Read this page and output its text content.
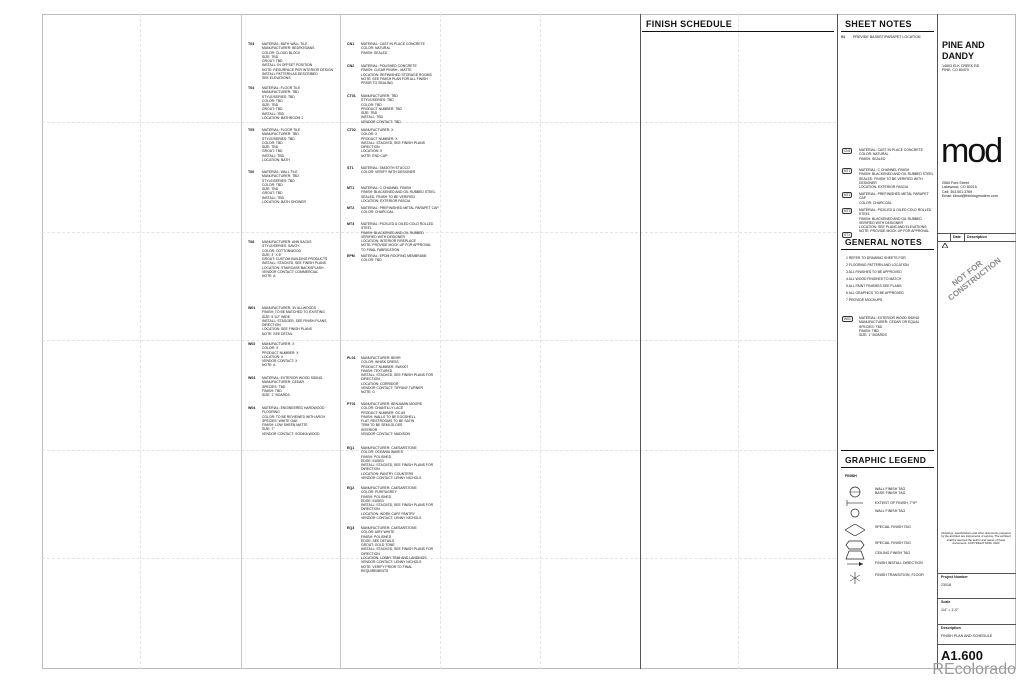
FINISH SCHEDULE
T03 MATERIAL: BATH WALL TILE
MANUFACTURER: BEDROSIANS
COLOR: CLOUD BLOCK
SIZE: TBD
GROUT: TBD
INSTALL: IN OFFSET POSITION
NOTE: RESURFACE PER INTERIOR DESIGN
INSTALL PATTERN AS DESCRIBED
SEE ELEVATIONS
T04 MATERIAL: FLOOR TILE
MANUFACTURER: TBD
STYLE/SERIES: TBD
COLOR: TBD
SIZE: TBD
GROUT: TBD
INSTALL: TBD
LOCATION: BATHROOM 1
T05 MATERIAL: FLOOR TILE
MANUFACTURER: TBD
STYLE/SERIES: TBD
COLOR: TBD
SIZE: TBD
GROUT: TBD
INSTALL: TBD
LOCATION: BATH
T06 MATERIAL: WALL TILE
MANUFACTURER: TBD
STYLE/SERIES: TBD
COLOR: TBD
SIZE: TBD
GROUT: TBD
INSTALL: TBD
LOCATION: BATH SHOWER
T08 MANUFACTURER: ANN SACKS
STYLE/SERIES: SAVOY
COLOR: COTTONWOOD
SIZE: 3" X 6"
GROUT: CUSTOM BUILDING PRODUCTS
INSTALL: STACKED, SEE FINISH PLANS
LOCATION: STAIRCASE BACKSPLASH
VENDOR CONTACT: COMMERCIAL
NOTE: A
W01 MANUFACTURER: 3V ALLWOODS
FINISH: TO BE MATCHED TO EXISTING
SIZE: 5 1/2" WIDE
INSTALL: STAGGER, SEE FINISH PLANS
DIRECTION
LOCATION: SEE FINISH PLANS
NOTE: SEE DETAIL
W02 MANUFACTURER: X
COLOR: X
PRODUCT NUMBER: X
LOCATION: X
VENDOR CONTACT: X
NOTE: A
W03 MATERIAL: EXTERIOR WOOD SIDING
MANUFACTURER: CEDAR
SPECIES: TBD
FINISH: TBD
SIZE: 1" BOARDS
W04 MATERIAL: ENGINEERED HARDWOOD FLOORING
COLOR: TO BE REVIEWED WITH ARCH
SPECIES: WHITE OAK
FINISH: LOW SHEEN MATTE
SIZE: 7"
VENDOR CONTACT: SODIKA WOOD
CN1 MATERIAL: CAST IN PLACE CONCRETE
COLOR: NATURAL
FINISH: SEALED
CN2 MATERIAL: POLISHED CONCRETE
FINISH: CLEAR FINISH - MATTE
LOCATION: REFINISHED STORAGE ROOMS
NOTE: SEE FINISH PLAN FOR ALL FINISH
PRIOR TO SEALING
CT01 MANUFACTURER: TBD
STYLE/SERIES: TBD
COLOR: TBD
PRODUCT NUMBER: TBD
SIZE: TBD
INSTALL: TBD
VENDOR CONTACT: TBD
CT02 MANUFACTURER: X
COLOR: X
PRODUCT NUMBER: X
INSTALL: STACKED, SEE FINISH PLANS
DIRECTION
LOCATION: X
NOTE: END CAP
ST1 MATERIAL: SMOOTH STUCCO
COLOR: VERIFY WITH DESIGNER
MT1 MATERIAL: C CHANNEL FINISH
FINISH: BLACKENED AND OIL RUBBED STEEL
SEALED. FINISH TO BE VERIFIED
LOCATION: EXTERIOR FASCIA
MT2 MATERIAL: PREFINISHED METAL PARAPET CAP
COLOR: CHARCOAL
MT3 MATERIAL: PICKLED & OILED COLD ROLLED STEEL
FINISH: BLACKENED AND OIL RUBBED
VERIFIED WITH DESIGNER
LOCATION: INTERIOR FIREPLACE
NOTE: PROVIDE MOCK UP FOR APPROVAL
TO FINAL FABRICATION
EPM MATERIAL: EPDM ROOFING MEMBRANE
COLOR: TBD
PL01 MANUFACTURER: BEHR
COLOR: WHISK DRESS
PRODUCT NUMBER: SW0007
FINISH: TEXTURED
INSTALL: STACKED, SEE FINISH PLANS FOR
DIRECTION
LOCATION: CORRIDOR
VENDOR CONTACT: TIFFANY TURNER
NOTE: G
PT01 MANUFACTURER: BENJAMIN MOORE
COLOR: CHANTILLY LACE
PRODUCT NUMBER: OC-65
FINISH: WALLS TO BE EGGSHELL
FLAT, RESTROOMS TO BE SATIN
TRIM TO BE SEMI-GLOSS
INTERIOR
VENDOR CONTACT: MADISON
EQ1 MANUFACTURER: CAESARSTONE
COLOR: OCEANIA WAVES
FINISH: POLISHED
EDGE: EASED
INSTALL: STACKED, SEE FINISH PLANS FOR
DIRECTION
LOCATION: PANTRY COUNTERS
VENDOR CONTACT: LENNY NICHOLS
EQ2 MANUFACTURER: CAESARSTONE
COLOR: PURITAGREY
FINISH: POLISHED
EDGE: EASED
INSTALL: STACKED, SEE FINISH PLANS FOR
DIRECTION
LOCATION: WORK CAFE PANTRY
VENDOR CONTACT: LENNY NICHOLS
EQ3 MANUFACTURER: CAESARSTONE
COLOR: AIRY WHITE
FINISH: POLISHED
EDGE: SEE DETAILS
GROUT: GOLD TONE
INSTALL: STACKED, SEE FINISH PLANS FOR
DIRECTION
LOCATION: LOBBY TRIM AND LANDINGS
VENDOR CONTACT: LENNY NICHOLS
NOTE: VERIFY PRIOR TO FINAL
REQUIREMENTS
SHEET NOTES
01 PREVIDE BASKET/PARAPET LOCATION
CN1	MATERIAL: CAST IN PLACE CONCRETE
COLOR: NATURAL
FINISH: SEALED
MT1	MATERIAL: C CHANNEL FINISH
FINISH: BLACKENED AND OIL RUBBED STEEL
SEALED. FINISH TO BE VERIFIED WITH DESIGNER
LOCATION: EXTERIOR FASCIA
MT2	MATERIAL: PREFINISHED METAL PARAPET CAP
COLOR: CHARCOAL
MT3	MATERIAL: PICKLED & OILED COLD ROLLED STEEL
FINISH: BLACKENED AND OIL RUBBED
VERIFIED WITH DESIGNER
LOCATION: SEE PLANS AND ELEVATIONS
NOTE: PROVIDE MOCK UP FOR APPROVAL
ST1
W03	MATERIAL: EXTERIOR WOOD SIDING
MANUFACTURER: CEDAR OR EQUAL
SPECIES: TBD
FINISH: TBD
SIZE: 1" BOARDS
GENERAL NOTES
1 REFER TO DRAWING SHEETS FOR
2 FLOORING PATTERN AND LOCATION
3 ALL FINISHES TO BE APPROVED
4 ALL WOOD FINISHES TO MATCH
5 ALL PAINT FINISHES SEE PLANS
6 ALL GRAPHICS TO BE APPROVED
7 PROVIDE MOCKUPS
GRAPHIC LEGEND
FINISH
WALL FINISH TAG
BASE FINISH TAG
EXTENT OF FINISH, TYP
WALL FINISH TAG
SPECIAL FINISH TAG
SPECIAL FINISH TAG
CEILING FINISH TAG
FINISH INSTALL DIRECTION
FINISH TRANSITION, FLOOR
PINE AND DANDY
14803 ELK CREEK RD
PINE, CO 80470
mod
2560 Ford Street
Lakewood, CO 80215
Cell: 303.501.3769
Email: kbmd@thinkingmodern.com
Date Description
NOT FOR
CONSTRUCTION
Drawings, specifications and other documents prepared by the architect are instruments of service. The architect shall be deemed the author and owner of these documents. COPYRIGHT MOD, 2023
Project Number
23018
Scale
1/4" = 1'-0"
Description
FINISH PLAN AND SCHEDULE
A1.600
REcolorado
